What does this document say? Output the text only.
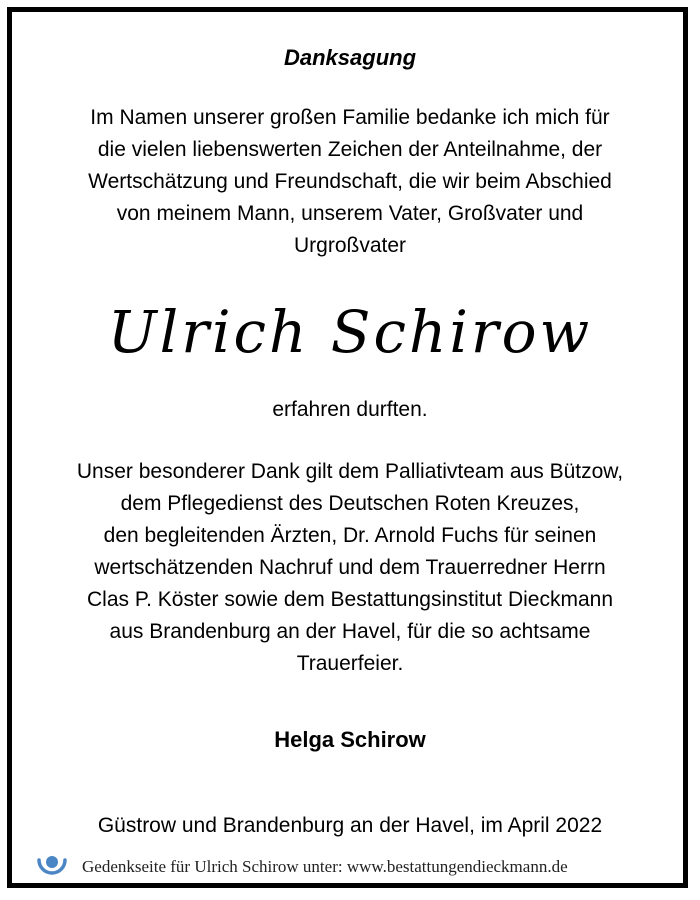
Danksagung
Im Namen unserer großen Familie bedanke ich mich für
die vielen liebenswerten Zeichen der Anteilnahme, der
Wertschätzung und Freundschaft, die wir beim Abschied
von meinem Mann, unserem Vater, Großvater und
Urgroßvater
Ulrich Schirow
erfahren durften.
Unser besonderer Dank gilt dem Palliativteam aus Bützow,
dem Pflegedienst des Deutschen Roten Kreuzes,
den begleitenden Ärzten, Dr. Arnold Fuchs für seinen
wertschätzenden Nachruf und dem Trauerredner Herrn
Clas P. Köster sowie dem Bestattungsinstitut Dieckmann
aus Brandenburg an der Havel, für die so achtsame
Trauerfeier.
Helga Schirow
Güstrow und Brandenburg an der Havel, im April 2022
Gedenkseite für Ulrich Schirow unter: www.bestattungendieckmann.de
